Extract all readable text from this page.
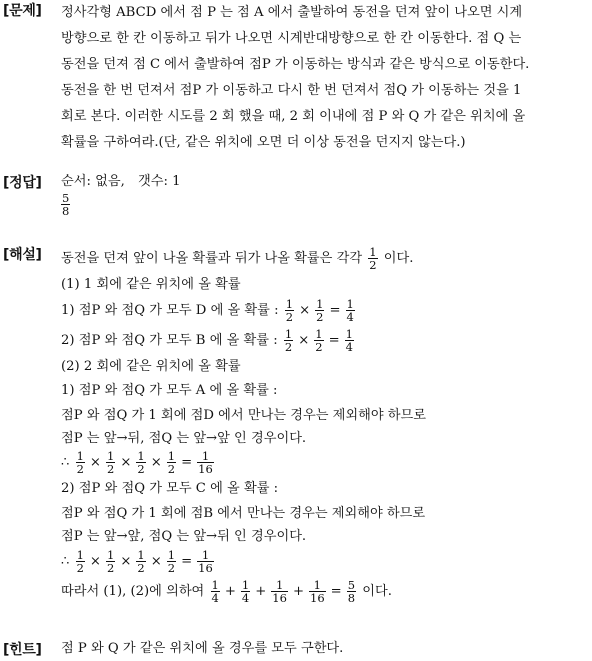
[문제] 정사각형 ABCD 에서 점 P 는 점 A 에서 출발하여 동전을 던져 앞이 나오면 시계
방향으로 한 칸 이동하고 뒤가 나오면 시계반대방향으로 한 칸 이동한다. 점 Q 는
동전을 던져 점 C 에서 출발하여 점P 가 이동하는 방식과 같은 방식으로 이동한다.
동전을 한 번 던져서 점P 가 이동하고 다시 한 번 던져서 점Q 가 이동하는 것을 1
회로 본다. 이러한 시도를 2 회 했을 때, 2 회 이내에 점 P 와 Q 가 같은 위치에 올
확률을 구하여라.(단, 같은 위치에 오면 더 이상 동전을 던지지 않는다.)
[정답] 순서: 없음,　갯수: 1
$\frac{5}{8}$
[해설] 동전을 던져 앞이 나올 확률과 뒤가 나올 확률은 각각 $\frac{1}{2}$ 이다.
(1) 1 회에 같은 위치에 올 확률
1) 점P 와 점Q 가 모두 D 에 올 확률 : $\frac{1}{2} \times \frac{1}{2} = \frac{1}{4}$
2) 점P 와 점Q 가 모두 B 에 올 확률 : $\frac{1}{2} \times \frac{1}{2} = \frac{1}{4}$
(2) 2 회에 같은 위치에 올 확률
1) 점P 와 점Q 가 모두 A 에 올 확률 :
점P 와 점Q 가 1 회에 점D 에서 만나는 경우는 제외해야 하므로
점P 는 앞→뒤, 점Q 는 앞→앞 인 경우이다.
∴ $\frac{1}{2} \times \frac{1}{2} \times \frac{1}{2} \times \frac{1}{2} = \frac{1}{16}$
2) 점P 와 점Q 가 모두 C 에 올 확률 :
점P 와 점Q 가 1 회에 점B 에서 만나는 경우는 제외해야 하므로
점P 는 앞→앞, 점Q 는 앞→뒤 인 경우이다.
∴ $\frac{1}{2} \times \frac{1}{2} \times \frac{1}{2} \times \frac{1}{2} = \frac{1}{16}$
따라서 (1), (2)에 의하여 $\frac{1}{4} + \frac{1}{4} + \frac{1}{16} + \frac{1}{16} = \frac{5}{8}$ 이다.
[힌트] 점 P 와 Q 가 같은 위치에 올 경우를 모두 구한다.
